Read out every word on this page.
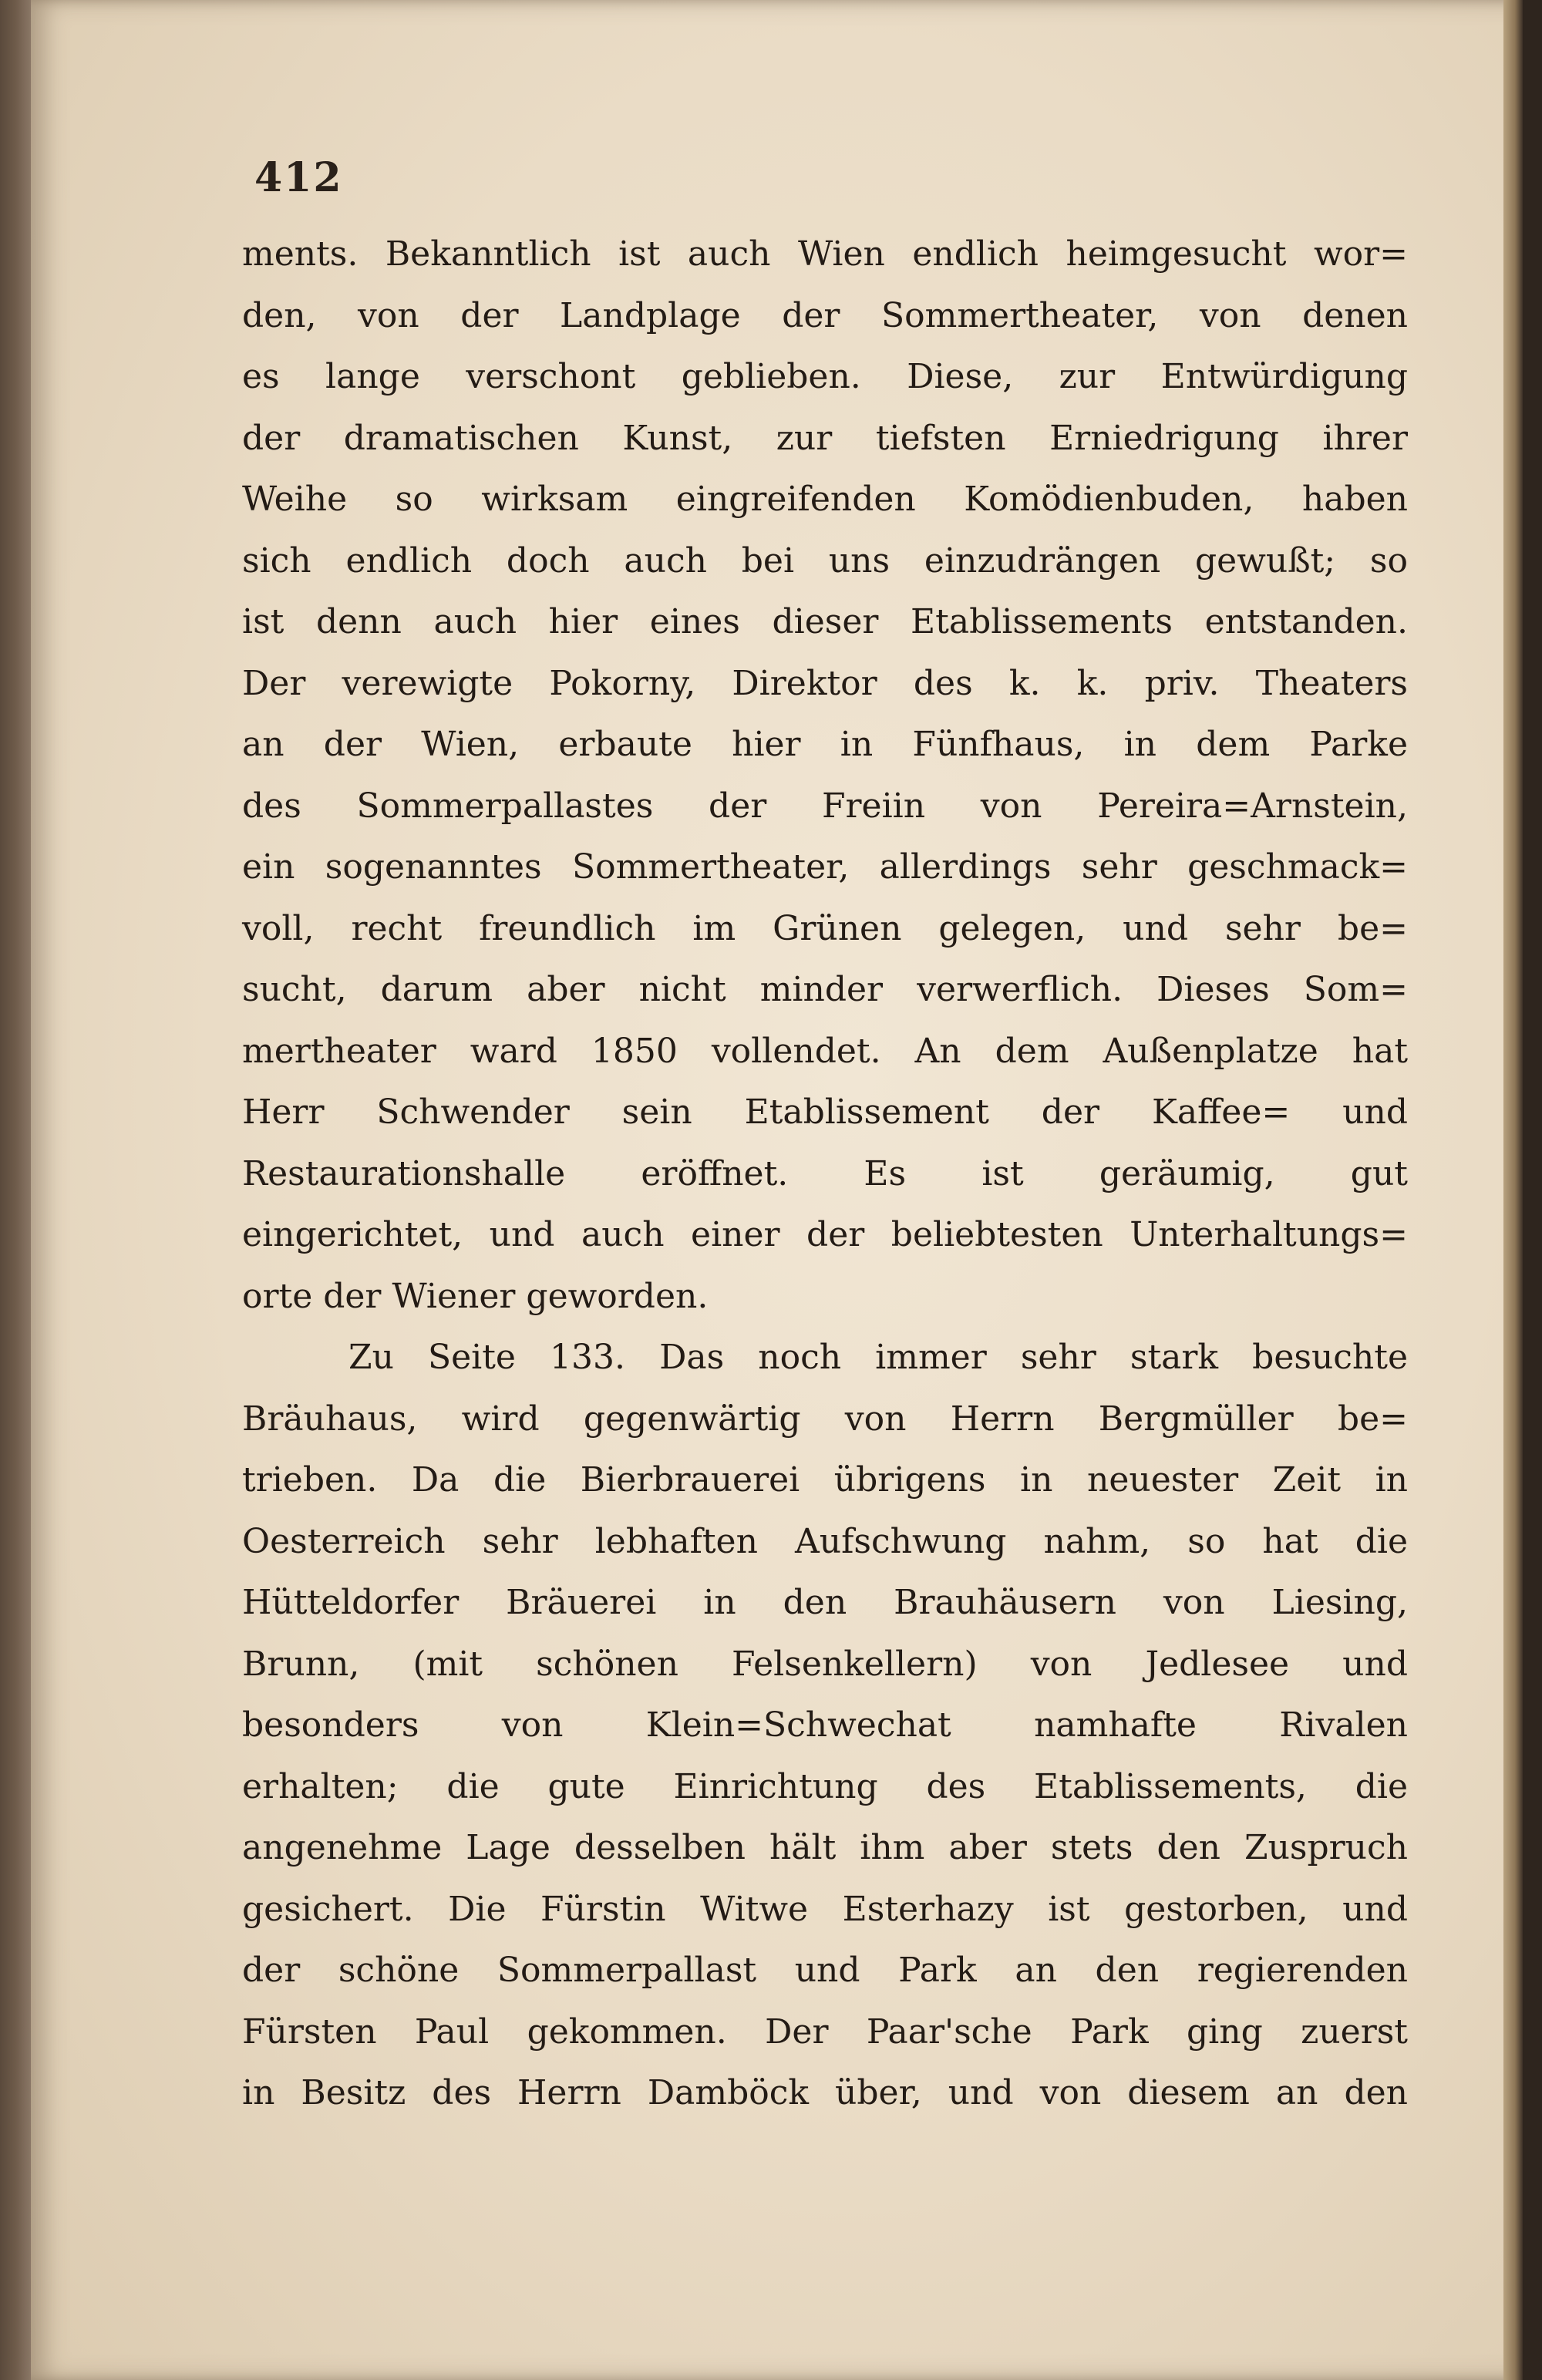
412
ments. Bekanntlich ist auch Wien endlich heimgesucht wor=
den, von der Landplage der Sommertheater, von denen
es lange verschont geblieben. Diese, zur Entwürdigung
der dramatischen Kunst, zur tiefsten Erniedrigung ihrer
Weihe so wirksam eingreifenden Komödienbuden, haben
sich endlich doch auch bei uns einzudrängen gewußt; so
ist denn auch hier eines dieser Etablissements entstanden.
Der verewigte Pokorny, Direktor des k. k. priv. Theaters
an der Wien, erbaute hier in Fünfhaus, in dem Parke
des Sommerpallastes der Freiin von Pereira=Arnstein,
ein sogenanntes Sommertheater, allerdings sehr geschmack=
voll, recht freundlich im Grünen gelegen, und sehr be=
sucht, darum aber nicht minder verwerflich. Dieses Som=
mertheater ward 1850 vollendet. An dem Außenplatze hat
Herr Schwender sein Etablissement der Kaffee= und
Restaurationshalle eröffnet. Es ist geräumig, gut
eingerichtet, und auch einer der beliebtesten Unterhaltungs=
orte der Wiener geworden.
Zu Seite 133. Das noch immer sehr stark besuchte
Bräuhaus, wird gegenwärtig von Herrn Bergmüller be=
trieben. Da die Bierbrauerei übrigens in neuester Zeit in
Oesterreich sehr lebhaften Aufschwung nahm, so hat die
Hütteldorfer Bräuerei in den Brauhäusern von Liesing,
Brunn, (mit schönen Felsenkellern) von Jedlesee und
besonders von Klein=Schwechat namhafte Rivalen
erhalten; die gute Einrichtung des Etablissements, die
angenehme Lage desselben hält ihm aber stets den Zuspruch
gesichert. Die Fürstin Witwe Esterhazy ist gestorben, und
der schöne Sommerpallast und Park an den regierenden
Fürsten Paul gekommen. Der Paar'sche Park ging zuerst
in Besitz des Herrn Damböck über, und von diesem an den
